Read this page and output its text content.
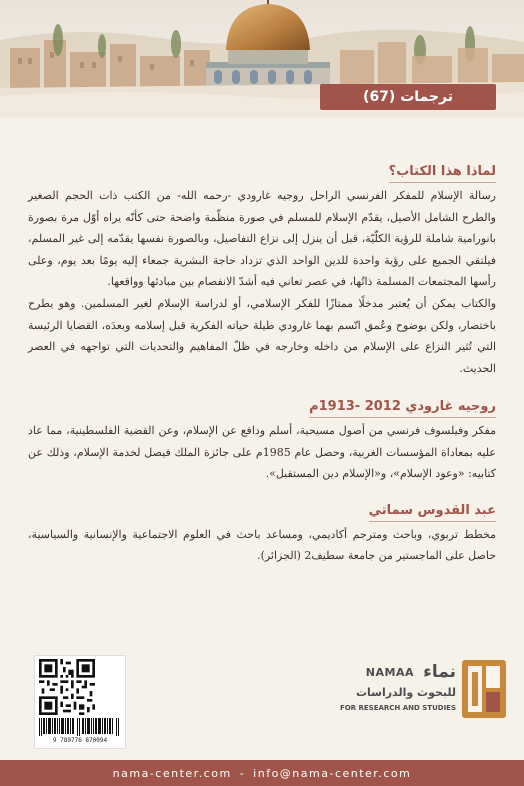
ترجمات (67)
لماذا هذا الكتاب؟

رسالة الإسلام للمفكر الفرنسي الراحل روجيه غارودي -رحمه الله- من الكتب ذات الحجم الصغير والطرح الشامل الأصيل، يقدّم الإسلام للمسلم في صورة منظّمة واضحة حتى كأنّه يراه أوّل مرة بصورة بانورامية شاملة للرؤية الكلّيّة، قبل أن ينزل إلى نزاع التفاصيل، وبالصورة نفسها يقدّمه إلى غير المسلم، فيلتقي الجميع على رؤية واحدة للدين الواحد الذي تزداد حاجة البشرية جمعاء إليه يومًا بعد يوم، وعلى رأسها المجتمعات المسلمة ذاتُها، في عصر تعاني فيه أشدّ الانفصام بين مبادئها وواقعها.

والكتاب يمكن أن يُعتبر مدخلًا ممتازًا للفكر الإسلامي، أو لدراسة الإسلام لغير المسلمين. وهو يطرح باختصار، ولكن بوضوح وعُمق اتّسم بهما غارودي طيلة حياته الفكرية قبل إسلامه وبعدَه، القضايا الرئيسة التي تُثير النزاع على الإسلام من داخله وخارجه في ظلّ المفاهيم والتحديات التي تواجهه في العصر الحديث.

روجيه غارودي 2012 -1913م

مفكر وفيلسوف فرنسي من أصول مسيحية، أسلم ودافع عن الإسلام، وعن القضية الفلسطينية، مما عاد عليه بمعاداة المؤسسات الغربية، وحصل عام 1985م على جائزة الملك فيصل لخدمة الإسلام، وذلك عن كتابيه: «وعود الإسلام»، و«الإسلام دين المستقبل».

عبد القدوس سماتي

مخطط تربوي، وباحث ومترجم أكاديمي، ومساعد باحث في العلوم الاجتماعية والإنسانية والسياسية، حاصل على الماجستير من جامعة سطيف2 (الجزائر).

9 789776 870094
نماء
NAMAA
للبحوث والدراسات
FOR RESEARCH AND STUDIES
nama-center.com - info@nama-center.com
